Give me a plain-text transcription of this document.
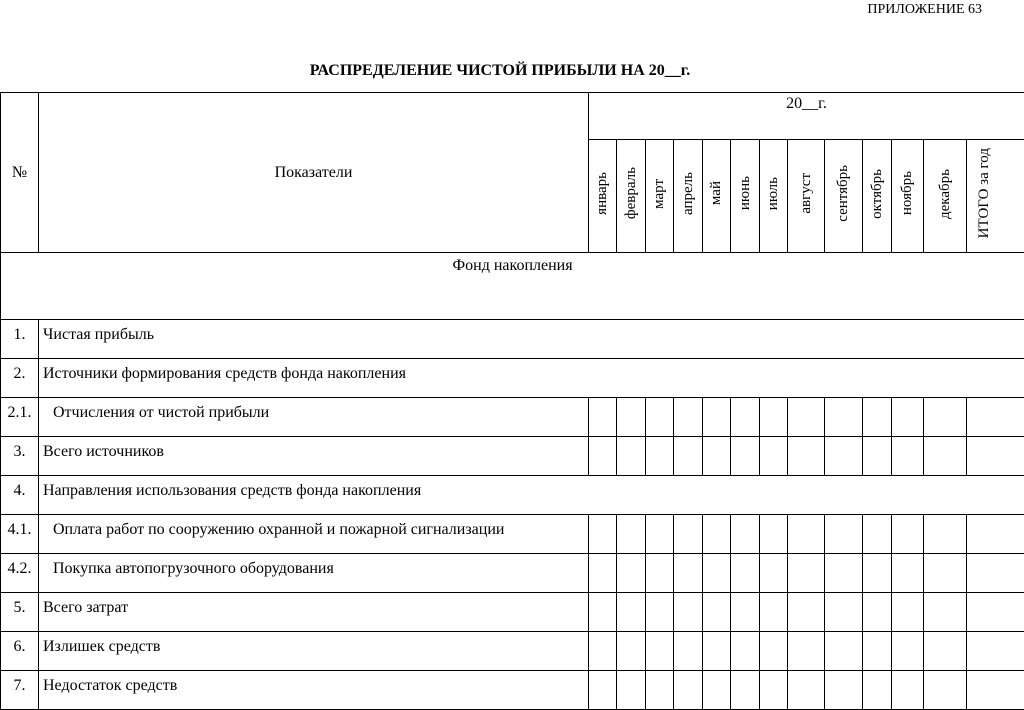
ПРИЛОЖЕНИЕ 63
РАСПРЕДЕЛЕНИЕ ЧИСТОЙ ПРИБЫЛИ НА 20__г.
№	Показатели	20__г.												
		январь	февраль	март	апрель	май	июнь	июль	август	сентябрь	октябрь	ноябрь	декабрь	ИТОГО за год
Фонд накопления														
1.	Чистая прибыль													
2.	Источники формирования средств фонда накопления													
2.1.	Отчисления от чистой прибыли													
3.	Всего источников													
4.	Направления использования средств фонда накопления													
4.1.	Оплата работ по сооружению охранной и пожарной сигнализации													
4.2.	Покупка автопогрузочного оборудования													
5.	Всего затрат													
6.	Излишек средств													
7.	Недостаток средств													
